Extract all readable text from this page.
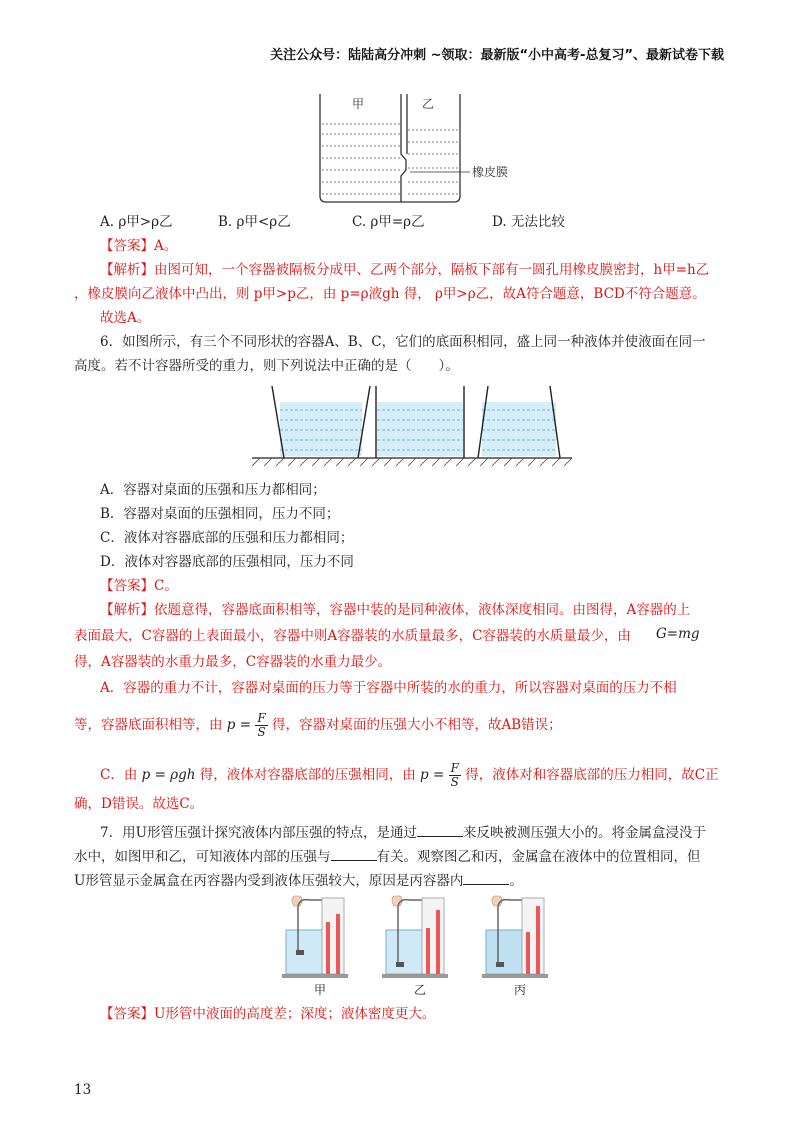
关注公众号：陆陆高分冲刺 ~领取：最新版“小中高考-总复习”、最新试卷下载
甲	乙
橡皮膜
A. ρ甲>ρ乙	B. ρ甲<ρ乙	C. ρ甲=ρ乙	D. 无法比较
【答案】A。
【解析】由图可知，一个容器被隔板分成甲、乙两个部分，隔板下部有一圆孔用橡皮膜密封，h甲=h乙
，橡皮膜向乙液体中凸出，则 p甲>p乙，由 p=ρ液gh 得， ρ甲>ρ乙，故A符合题意，BCD不符合题意。
故选A。
6．如图所示，有三个不同形状的容器A、B、C，它们的底面积相同，盛上同一种液体并使液面在同一
高度。若不计容器所受的重力，则下列说法中正确的是（　　）。
A．容器对桌面的压强和压力都相同；
B．容器对桌面的压强相同，压力不同；
C．液体对容器底部的压强和压力都相同；
D．液体对容器底部的压强相同，压力不同
【答案】C。
【解析】依题意得，容器底面积相等，容器中装的是同种液体，液体深度相同。由图得，A容器的上
表面最大，C容器的上表面最小，容器中则A容器装的水质量最多，C容器装的水质量最少，由 G=mg
得，A容器装的水重力最多，C容器装的水重力最少。
A．容器的重力不计，容器对桌面的压力等于容器中所装的水的重力，所以容器对桌面的压力不相
等，容器底面积相等，由 $p = \frac{F}{S}$ 得，容器对桌面的压强大小不相等，故AB错误；
C．由 p = ρgh 得，液体对容器底部的压强相同，由 $p = \frac{F}{S}$ 得，液体对和容器底部的压力相同，故C正
确，D错误。故选C。
7．用U形管压强计探究液体内部压强的特点，是通过	来反映被测压强大小的。将金属盒浸没于
水中，如图甲和乙，可知液体内部的压强与	有关。观察图乙和丙，金属盒在液体中的位置相同，但
U形管显示金属盒在丙容器内受到液体压强较大，原因是丙容器内	。
甲	乙	丙
【答案】U形管中液面的高度差；深度；液体密度更大。
13
